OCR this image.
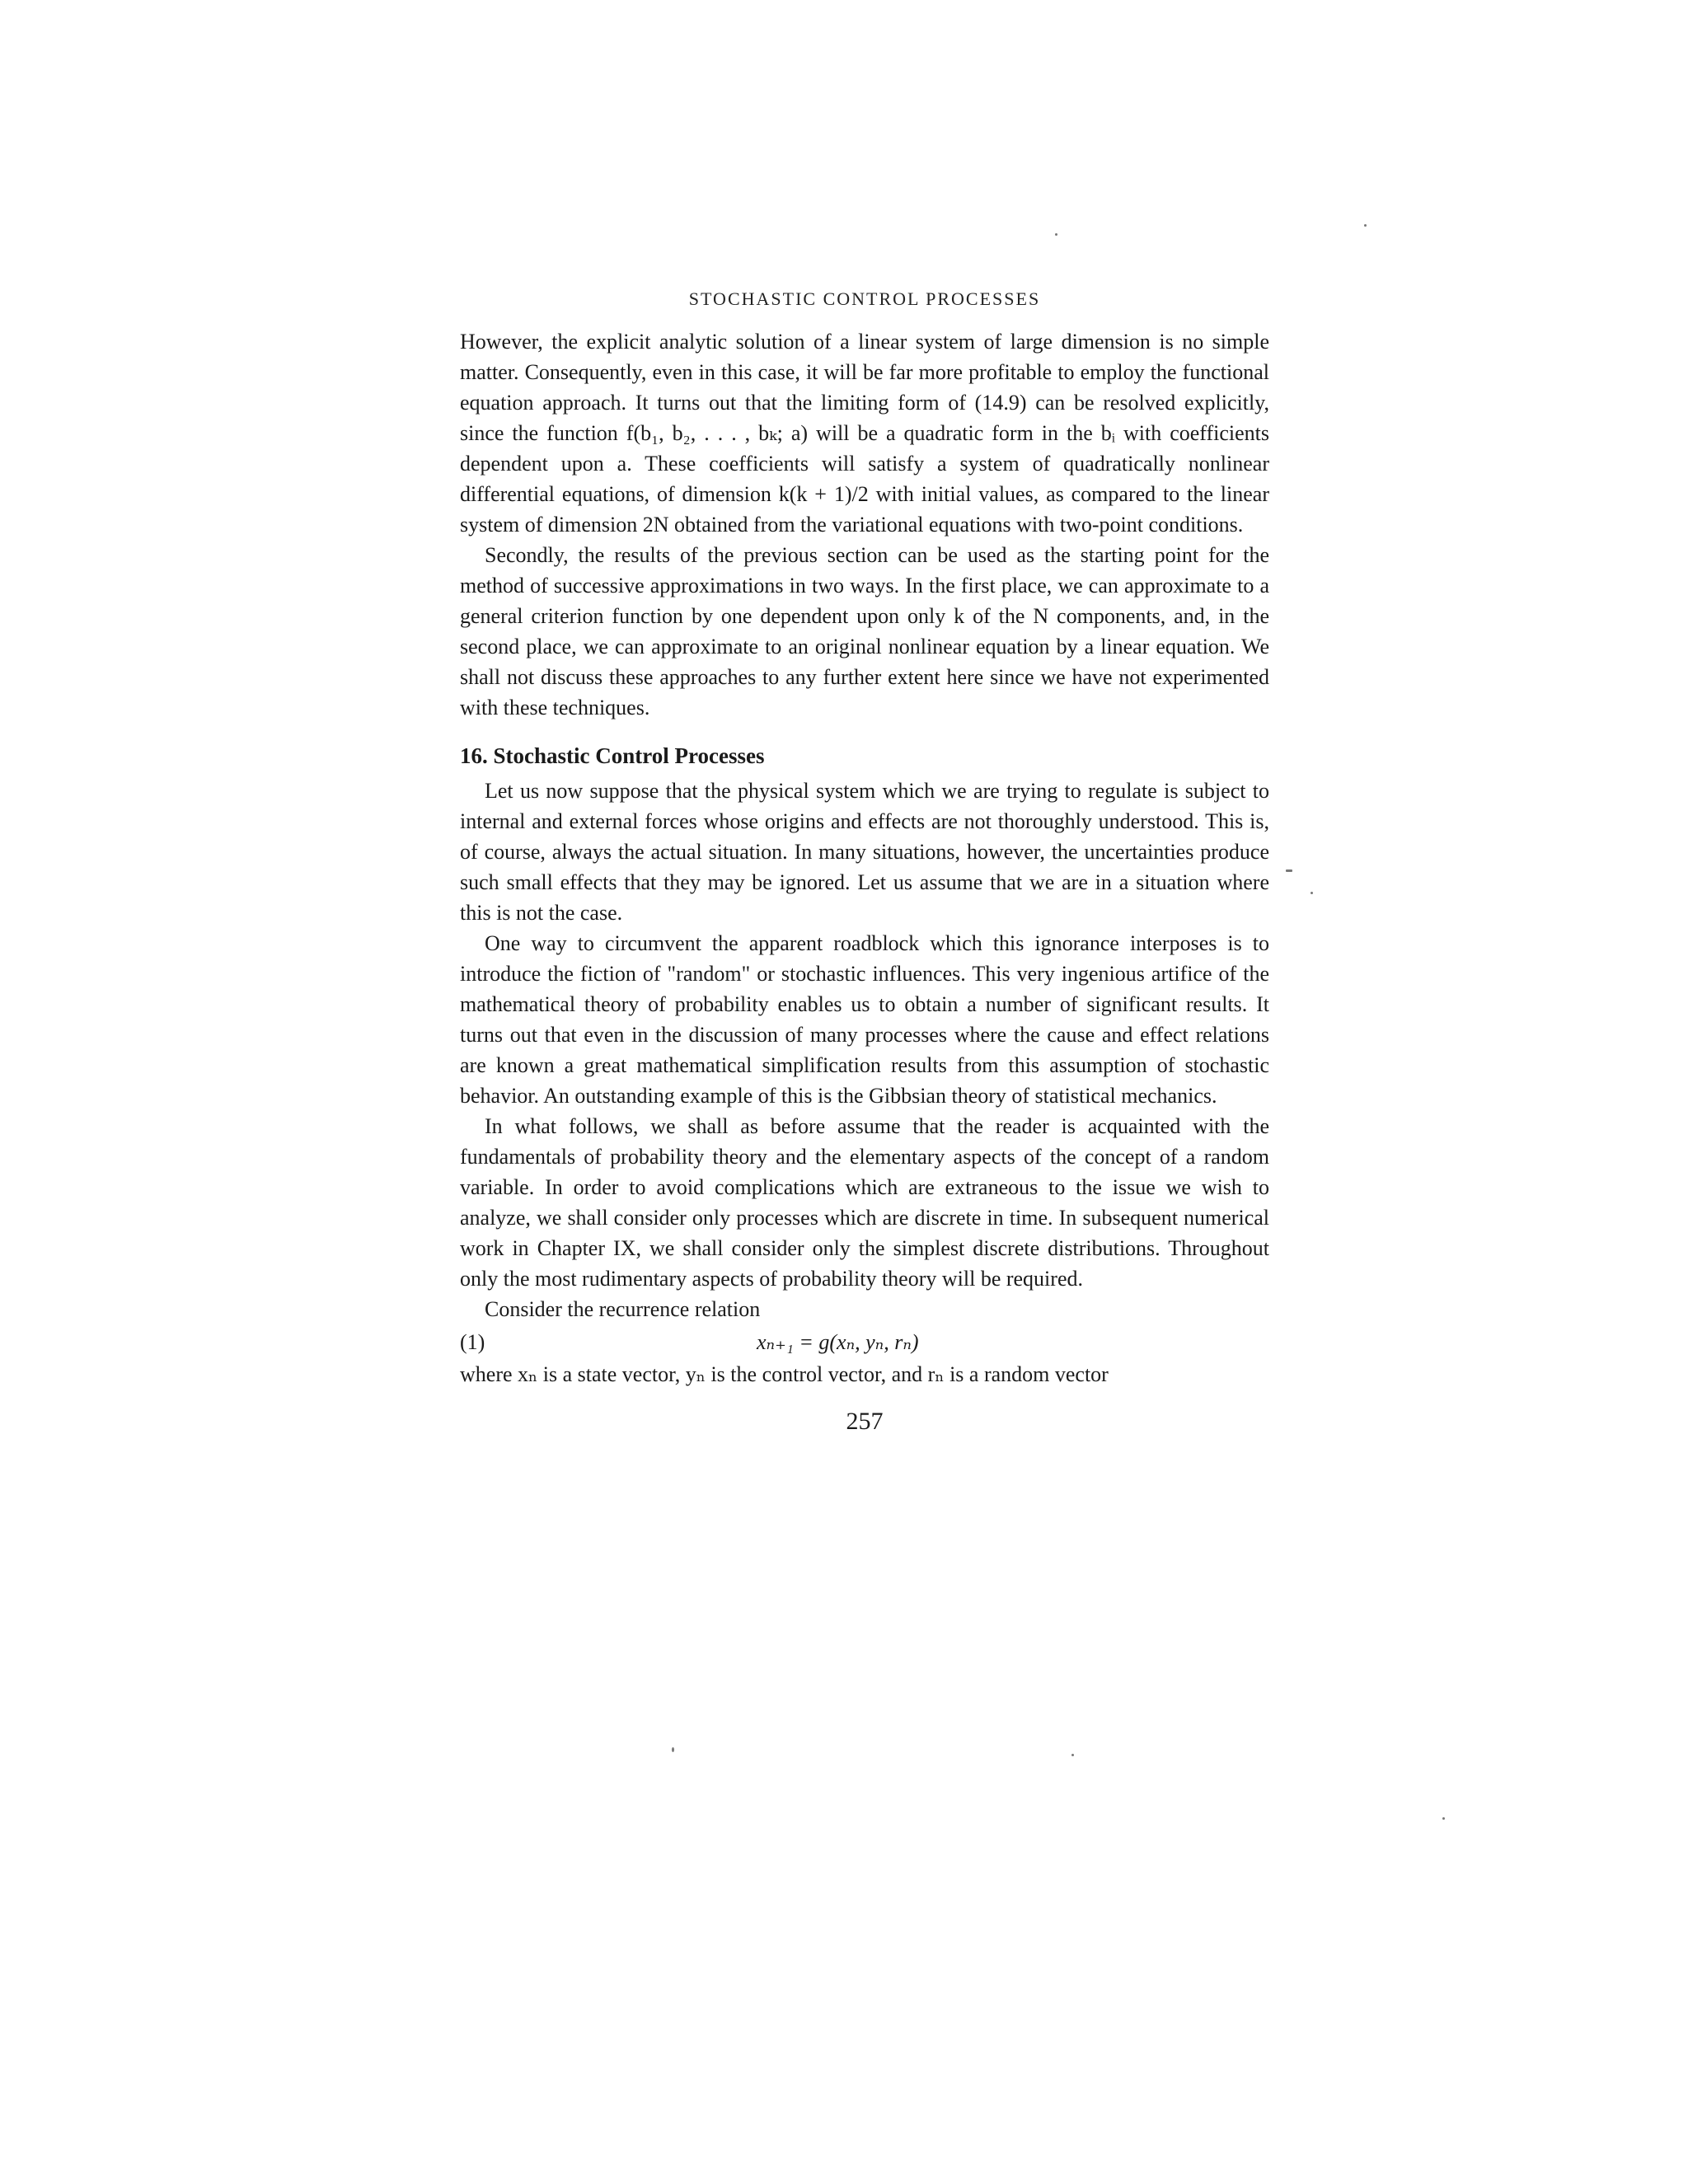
STOCHASTIC CONTROL PROCESSES

However, the explicit analytic solution of a linear system of large dimension is no simple matter. Consequently, even in this case, it will be far more profitable to employ the functional equation approach. It turns out that the limiting form of (14.9) can be resolved explicitly, since the function f(b₁, b₂, . . . , bₖ; a) will be a quadratic form in the bᵢ with coefficients dependent upon a. These coefficients will satisfy a system of quadratically nonlinear differential equations, of dimension k(k + 1)/2 with initial values, as compared to the linear system of dimension 2N obtained from the variational equations with two-point conditions.

Secondly, the results of the previous section can be used as the starting point for the method of successive approximations in two ways. In the first place, we can approximate to a general criterion function by one dependent upon only k of the N components, and, in the second place, we can approximate to an original nonlinear equation by a linear equation. We shall not discuss these approaches to any further extent here since we have not experimented with these techniques.

16. Stochastic Control Processes

Let us now suppose that the physical system which we are trying to regulate is subject to internal and external forces whose origins and effects are not thoroughly understood. This is, of course, always the actual situation. In many situations, however, the uncertainties produce such small effects that they may be ignored. Let us assume that we are in a situation where this is not the case.

One way to circumvent the apparent roadblock which this ignorance interposes is to introduce the fiction of "random" or stochastic influences. This very ingenious artifice of the mathematical theory of probability enables us to obtain a number of significant results. It turns out that even in the discussion of many processes where the cause and effect relations are known a great mathematical simplification results from this assumption of stochastic behavior. An outstanding example of this is the Gibbsian theory of statistical mechanics.

In what follows, we shall as before assume that the reader is acquainted with the fundamentals of probability theory and the elementary aspects of the concept of a random variable. In order to avoid complications which are extraneous to the issue we wish to analyze, we shall consider only processes which are discrete in time. In subsequent numerical work in Chapter IX, we shall consider only the simplest discrete distributions. Throughout only the most rudimentary aspects of probability theory will be required.

Consider the recurrence relation

(1)	xₙ₊₁ = g(xₙ, yₙ, rₙ)

where xₙ is a state vector, yₙ is the control vector, and rₙ is a random vector

257
